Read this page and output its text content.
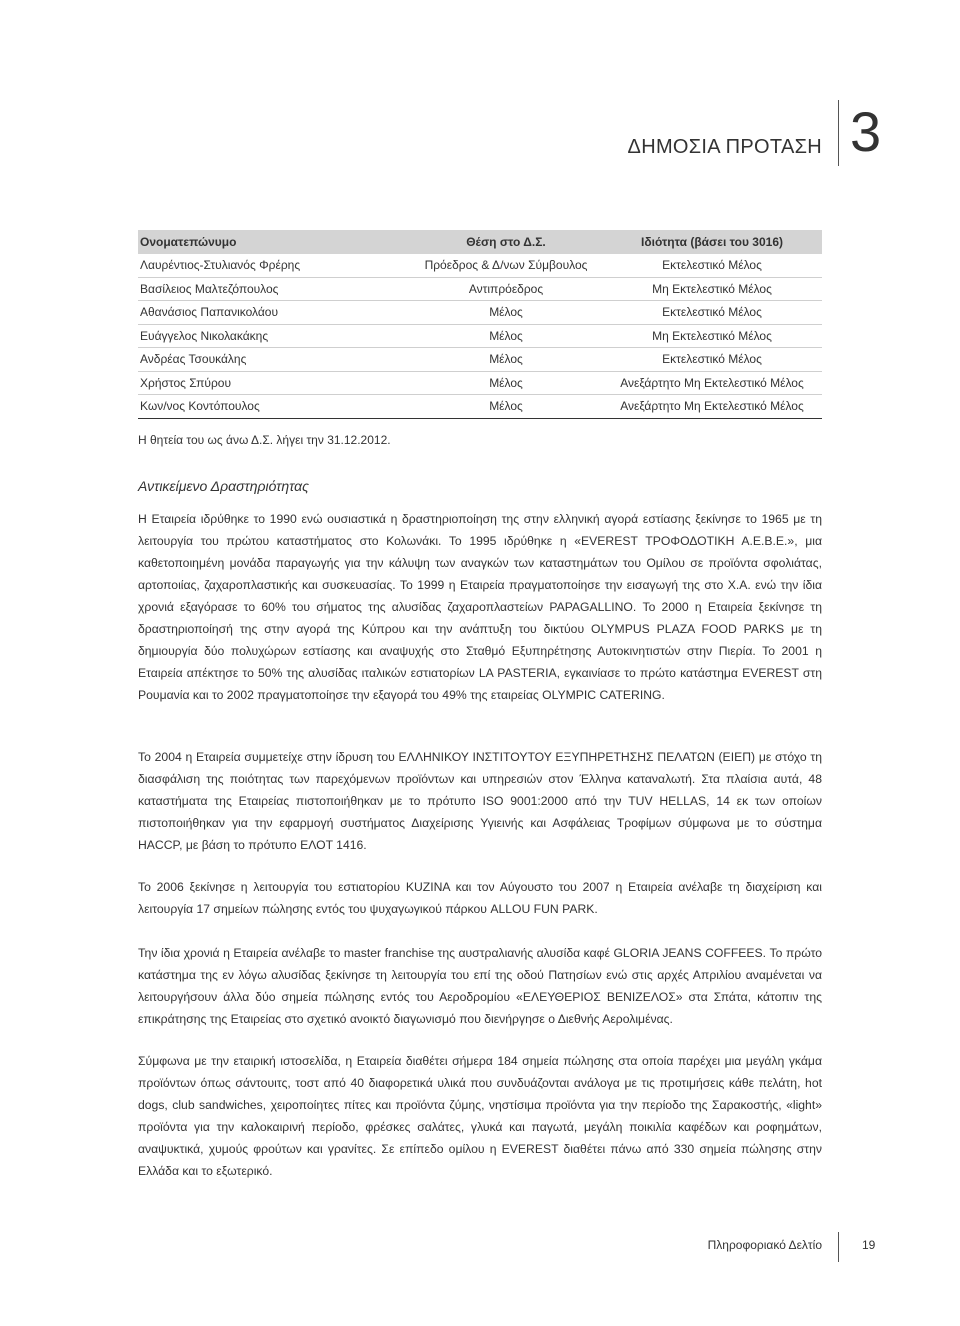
ΔΗΜΟΣΙΑ ΠΡΟΤΑΣΗ 3
Ονοματεπώνυμο	Θέση στο Δ.Σ.	Ιδιότητα (βάσει του 3016)
Λαυρέντιος-Στυλιανός Φρέρης	Πρόεδρος & Δ/νων Σύμβουλος	Εκτελεστικό Μέλος
Βασίλειος Μαλτεζόπουλος	Αντιπρόεδρος	Μη Εκτελεστικό Μέλος
Αθανάσιος Παπανικολάου	Μέλος	Εκτελεστικό Μέλος
Ευάγγελος Νικολακάκης	Μέλος	Μη Εκτελεστικό Μέλος
Ανδρέας Τσουκάλης	Μέλος	Εκτελεστικό Μέλος
Χρήστος Σπύρου	Μέλος	Ανεξάρτητο Μη Εκτελεστικό Μέλος
Κων/νος Κοντόπουλος	Μέλος	Ανεξάρτητο Μη Εκτελεστικό Μέλος
Η θητεία του ως άνω Δ.Σ. λήγει την 31.12.2012.
Αντικείμενο Δραστηριότητας

Η Εταιρεία ιδρύθηκε το 1990 ενώ ουσιαστικά η δραστηριοποίηση της στην ελληνική αγορά εστίασης ξεκίνησε το 1965 με τη λειτουργία του πρώτου καταστήματος στο Κολωνάκι. Το 1995 ιδρύθηκε η «EVEREST ΤΡΟΦΟΔΟΤΙΚΗ Α.Ε.Β.Ε.», μια καθετοποιημένη μονάδα παραγωγής για την κάλυψη των αναγκών των καταστημάτων του Ομίλου σε προϊόντα σφολιάτας, αρτοποιίας, ζαχαροπλαστικής και συσκευασίας. Το 1999 η Εταιρεία πραγματοποίησε την εισαγωγή της στο Χ.Α. ενώ την ίδια χρονιά εξαγόρασε το 60% του σήματος της αλυσίδας ζαχαροπλαστείων PAPAGALLINO. Το 2000 η Εταιρεία ξεκίνησε τη δραστηριοποίησή της στην αγορά της Κύπρου και την ανάπτυξη του δικτύου OLYMPUS PLAZA FOOD PARKS με τη δημιουργία δύο πολυχώρων εστίασης και αναψυχής στο Σταθμό Εξυπηρέτησης Αυτοκινητιστών στην Πιερία. Το 2001 η Εταιρεία απέκτησε το 50% της αλυσίδας ιταλικών εστιατορίων LA PASTERIA, εγκαινίασε το πρώτο κατάστημα EVEREST στη Ρουμανία και το 2002 πραγματοποίησε την εξαγορά του 49% της εταιρείας OLYMPIC CATERING.

Το 2004 η Εταιρεία συμμετείχε στην ίδρυση του ΕΛΛΗΝΙΚΟΥ ΙΝΣΤΙΤΟΥΤΟΥ ΕΞΥΠΗΡΕΤΗΣΗΣ ΠΕΛΑΤΩΝ (ΕΙΕΠ) με στόχο τη διασφάλιση της ποιότητας των παρεχόμενων προϊόντων και υπηρεσιών στον Έλληνα καταναλωτή. Στα πλαίσια αυτά, 48 καταστήματα της Εταιρείας πιστοποιήθηκαν με το πρότυπο ISO 9001:2000 από την TUV HELLAS, 14 εκ των οποίων πιστοποιήθηκαν για την εφαρμογή συστήματος Διαχείρισης Υγιεινής και Ασφάλειας Τροφίμων σύμφωνα με το σύστημα HACCP, με βάση το πρότυπο ΕΛΟΤ 1416.

Το 2006 ξεκίνησε η λειτουργία του εστιατορίου KUZINA και τον Αύγουστο του 2007 η Εταιρεία ανέλαβε τη διαχείριση και λειτουργία 17 σημείων πώλησης εντός του ψυχαγωγικού πάρκου ALLOU FUN PARK.

Την ίδια χρονιά η Εταιρεία ανέλαβε το master franchise της αυστραλιανής αλυσίδα καφέ GLORIA JEANS COFFEES. Το πρώτο κατάστημα της εν λόγω αλυσίδας ξεκίνησε τη λειτουργία του επί της οδού Πατησίων ενώ στις αρχές Απριλίου αναμένεται να λειτουργήσουν άλλα δύο σημεία πώλησης εντός του Αεροδρομίου «ΕΛΕΥΘΕΡΙΟΣ ΒΕΝΙΖΕΛΟΣ» στα Σπάτα, κάτοπιν της επικράτησης της Εταιρείας στο σχετικό ανοικτό διαγωνισμό που διενήργησε ο Διεθνής Αερολιμένας.

Σύμφωνα με την εταιρική ιστοσελίδα, η Εταιρεία διαθέτει σήμερα 184 σημεία πώλησης στα οποία παρέχει μια μεγάλη γκάμα προϊόντων όπως σάντουιτς, τοστ από 40 διαφορετικά υλικά που συνδυάζονται ανάλογα με τις προτιμήσεις κάθε πελάτη, hot dogs, club sandwiches, χειροποίητες πίτες και προϊόντα ζύμης, νηστίσιμα προϊόντα για την περίοδο της Σαρακοστής, «light» προϊόντα για την καλοκαιρινή περίοδο, φρέσκες σαλάτες, γλυκά και παγωτά, μεγάλη ποικιλία καφέδων και ροφημάτων, αναψυκτικά, χυμούς φρούτων και γρανίτες. Σε επίπεδο ομίλου η EVEREST διαθέτει πάνω από 330 σημεία πώλησης στην Ελλάδα και το εξωτερικό.

Πληροφοριακό Δελτίο	19
